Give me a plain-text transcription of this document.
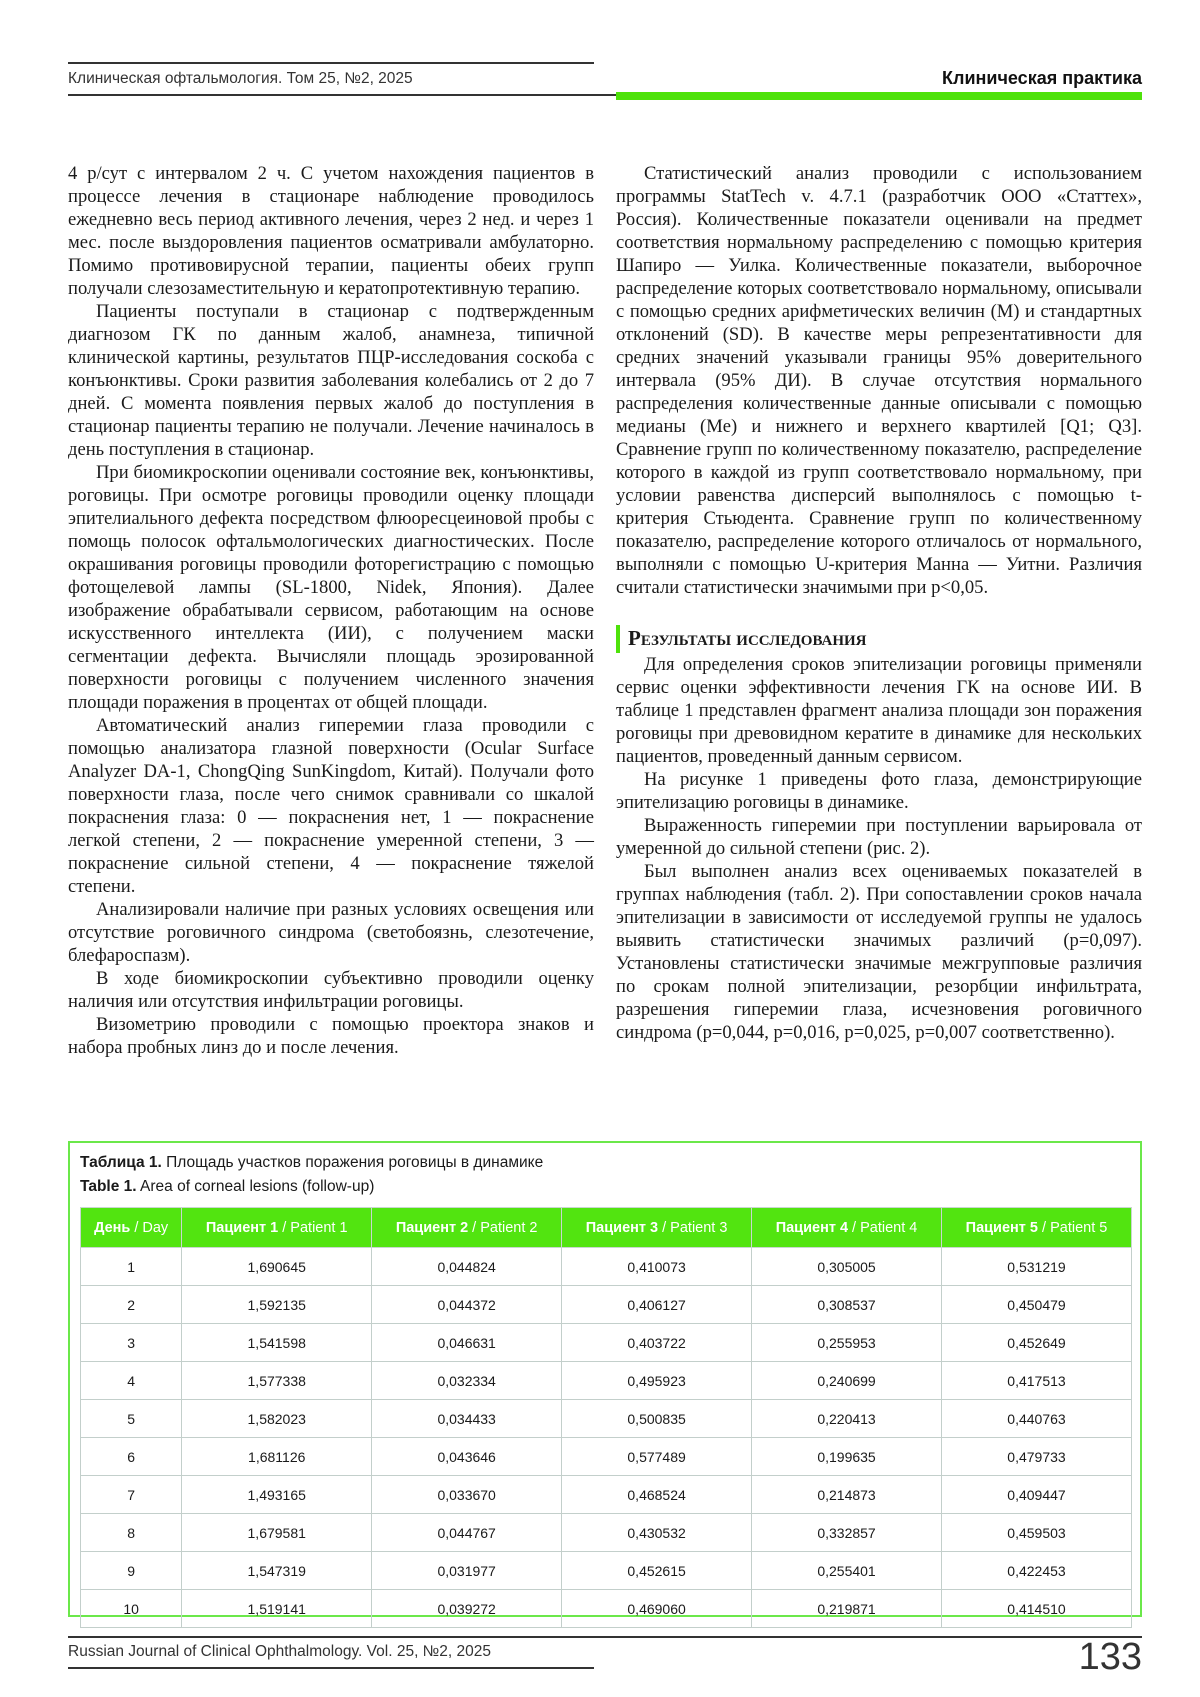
Клиническая офтальмология. Том 25, №2, 2025	Клиническая практика

4 р/сут с интервалом 2 ч. С учетом нахождения пациентов в процессе лечения в стационаре наблюдение проводилось ежедневно весь период активного лечения, через 2 нед. и через 1 мес. после выздоровления пациентов осматривали амбулаторно. Помимо противовирусной терапии, пациенты обеих групп получали слезозаместительную и кератопротективную терапию.

Пациенты поступали в стационар с подтвержденным диагнозом ГК по данным жалоб, анамнеза, типичной клинической картины, результатов ПЦР-исследования соскоба с конъюнктивы. Сроки развития заболевания колебались от 2 до 7 дней. С момента появления первых жалоб до поступления в стационар пациенты терапию не получали. Лечение начиналось в день поступления в стационар.

При биомикроскопии оценивали состояние век, конъюнктивы, роговицы. При осмотре роговицы проводили оценку площади эпителиального дефекта посредством флюоресцеиновой пробы с помощь полосок офтальмологических диагностических. После окрашивания роговицы проводили фоторегистрацию с помощью фотощелевой лампы (SL-1800, Nidek, Япония). Далее изображение обрабатывали сервисом, работающим на основе искусственного интеллекта (ИИ), с получением маски сегментации дефекта. Вычисляли площадь эрозированной поверхности роговицы с получением численного значения площади поражения в процентах от общей площади.

Автоматический анализ гиперемии глаза проводили с помощью анализатора глазной поверхности (Ocular Surface Analyzer DA-1, ChongQing SunKingdom, Китай). Получали фото поверхности глаза, после чего снимок сравнивали со шкалой покраснения глаза: 0 — покраснения нет, 1 — покраснение легкой степени, 2 — покраснение умеренной степени, 3 — покраснение сильной степени, 4 — покраснение тяжелой степени.

Анализировали наличие при разных условиях освещения или отсутствие роговичного синдрома (светобоязнь, слезотечение, блефароспазм).

В ходе биомикроскопии субъективно проводили оценку наличия или отсутствия инфильтрации роговицы.

Визометрию проводили с помощью проектора знаков и набора пробных линз до и после лечения.

Статистический анализ проводили с использованием программы StatTech v. 4.7.1 (разработчик ООО «Статтех», Россия). Количественные показатели оценивали на предмет соответствия нормальному распределению с помощью критерия Шапиро — Уилка. Количественные показатели, выборочное распределение которых соответствовало нормальному, описывали с помощью средних арифметических величин (M) и стандартных отклонений (SD). В качестве меры репрезентативности для средних значений указывали границы 95% доверительного интервала (95% ДИ). В случае отсутствия нормального распределения количественные данные описывали с помощью медианы (Me) и нижнего и верхнего квартилей [Q1; Q3]. Сравнение групп по количественному показателю, распределение которого в каждой из групп соответствовало нормальному, при условии равенства дисперсий выполнялось с помощью t-критерия Стьюдента. Сравнение групп по количественному показателю, распределение которого отличалось от нормального, выполняли с помощью U-критерия Манна — Уитни. Различия считали статистически значимыми при p<0,05.

Результаты исследования

Для определения сроков эпителизации роговицы применяли сервис оценки эффективности лечения ГК на основе ИИ. В таблице 1 представлен фрагмент анализа площади зон поражения роговицы при древовидном кератите в динамике для нескольких пациентов, проведенный данным сервисом.

На рисунке 1 приведены фото глаза, демонстрирующие эпителизацию роговицы в динамике.

Выраженность гиперемии при поступлении варьировала от умеренной до сильной степени (рис. 2).

Был выполнен анализ всех оцениваемых показателей в группах наблюдения (табл. 2). При сопоставлении сроков начала эпителизации в зависимости от исследуемой группы не удалось выявить статистически значимых различий (p=0,097). Установлены статистически значимые межгрупповые различия по срокам полной эпителизации, резорбции инфильтрата, разрешения гиперемии глаза, исчезновения роговичного синдрома (p=0,044, p=0,016, p=0,025, p=0,007 соответственно).

Таблица 1. Площадь участков поражения роговицы в динамике
Table 1. Area of corneal lesions (follow-up)
День / Day	Пациент 1 / Patient 1	Пациент 2 / Patient 2	Пациент 3 / Patient 3	Пациент 4 / Patient 4	Пациент 5 / Patient 5
1	1,690645	0,044824	0,410073	0,305005	0,531219
2	1,592135	0,044372	0,406127	0,308537	0,450479
3	1,541598	0,046631	0,403722	0,255953	0,452649
4	1,577338	0,032334	0,495923	0,240699	0,417513
5	1,582023	0,034433	0,500835	0,220413	0,440763
6	1,681126	0,043646	0,577489	0,199635	0,479733
7	1,493165	0,033670	0,468524	0,214873	0,409447
8	1,679581	0,044767	0,430532	0,332857	0,459503
9	1,547319	0,031977	0,452615	0,255401	0,422453
10	1,519141	0,039272	0,469060	0,219871	0,414510
Russian Journal of Clinical Ophthalmology. Vol. 25, №2, 2025	133
